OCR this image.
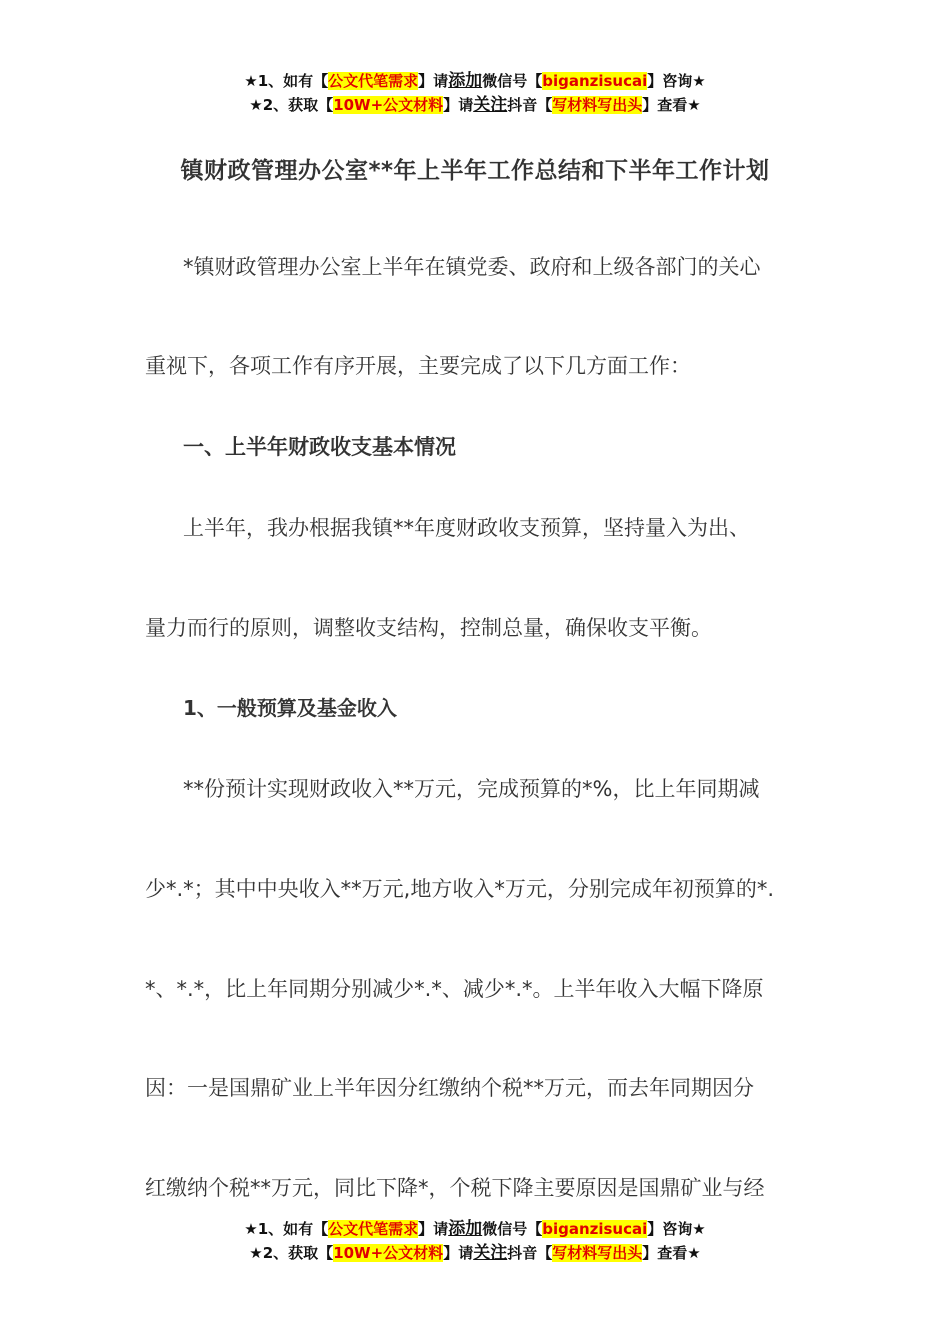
★1、如有【公文代笔需求】请添加微信号【biganzisucai】咨询★
★2、获取【10W+公文材料】请关注抖音【写材料写出头】查看★
镇财政管理办公室**年上半年工作总结和下半年工作计划
*镇财政管理办公室上半年在镇党委、政府和上级各部门的关心
重视下，各项工作有序开展，主要完成了以下几方面工作：
一、上半年财政收支基本情况
上半年，我办根据我镇**年度财政收支预算，坚持量入为出、
量力而行的原则，调整收支结构，控制总量，确保收支平衡。
1、一般预算及基金收入
**份预计实现财政收入**万元，完成预算的*%，比上年同期减
少*.*；其中中央收入**万元,地方收入*万元，分别完成年初预算的*.
*、*.*，比上年同期分别减少*.*、减少*.*。上半年收入大幅下降原
因：一是国鼎矿业上半年因分红缴纳个税**万元，而去年同期因分
红缴纳个税**万元，同比下降*，个税下降主要原因是国鼎矿业与经
★1、如有【公文代笔需求】请添加微信号【biganzisucai】咨询★
★2、获取【10W+公文材料】请关注抖音【写材料写出头】查看★
